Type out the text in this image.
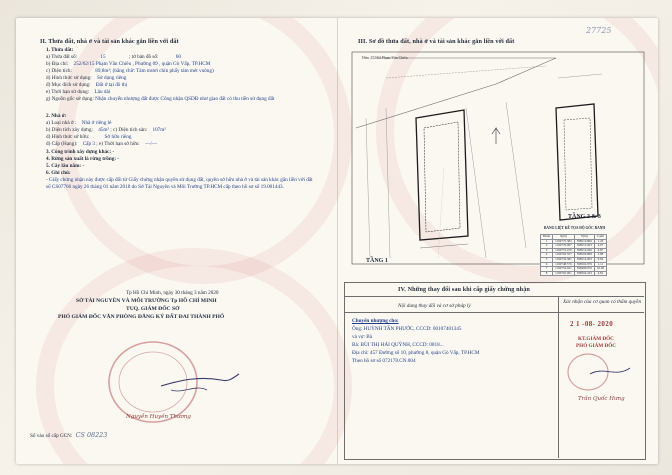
II. Thửa đất, nhà ở và tài sản khác gắn liền với đất
1. Thửa đất:
a) Thửa đất số:	15	; tờ bản đồ số:	60
b) Địa chỉ: 252/62/15 Phạm Văn Chiêu , Phường 09 , quận Gò Vấp, TP.HCM
c) Diện tích:	89,8m²; (bằng chữ: Tám mươi chín phẩy tám mét vuông)
d) Hình thức sử dụng: Sử dụng riêng
đ) Mục đích sử dụng: Đất ở tại đô thị
e) Thời hạn sử dụng: Lâu dài
g) Nguồn gốc sử dụng: Nhận chuyển nhượng đất được Công nhận QSDĐ như giao đất có thu tiền sử dụng đất
2. Nhà ở:
a) Loại nhà ở : Nhà ở riêng lẻ
b) Diện tích xây dựng: 45m² ; c) Diện tích sàn: 107m²
d) Hình thức sở hữu:	Sở hữu riêng
đ) Cấp (Hạng): Cấp 3 ; e) Thời hạn sở hữu: —/—
3. Công trình xây dựng khác: -
4. Rừng sản xuất là rừng trồng: -
5. Cây lâu năm: -
6. Ghi chú:
- Giấy chứng nhận này được cấp đổi từ Giấy chứng nhận quyền sử dụng đất, quyền sở hữu nhà ở và tài sản khác gắn liền với đất số CS07766 ngày 26 tháng 01 năm 2018 do Sở Tài Nguyên và Môi Trường TP.HCM cấp theo hồ sơ số 19.001443.
Tp Hồ Chí Minh, ngày 30 tháng 3 năm 2020
SỞ TÀI NGUYÊN VÀ MÔI TRƯỜNG Tp HỒ CHÍ MINH
TUQ. GIÁM ĐỐC SỞ
PHÓ GIÁM ĐỐC VĂN PHÒNG ĐĂNG KÝ ĐẤT ĐAI THÀNH PHỐ
Nguyễn Huyền Thương
Số vào sổ cấp GCN: CS 08223
III. Sơ đồ thửa đất, nhà ở và tài sản khác gắn liền với đất
27725
Hẻm 252/62 Phạm Văn Chiêu
TẦNG 1
TẦNG 2 & 3
BẢNG LIỆT KÊ TỌA ĐỘ GÓC RANH
Điểm	X(m)	Y(m)	Cạnh
1	1190775.383	598510.866	1.26
2	1190776.007	598512.003	4.07
3	1190772.476	598514.026	4.87
4	1190763.357	598509.898	3.88
5	1190754.381	598514.003	9.94
6	1190748.576	598502.979	1.11
7	1190754.021	598499.976	10.00
8	1190765.001	598504.223	4.81
IV. Những thay đổi sau khi cấp giấy chứng nhận
Nội dung thay đổi và cơ sở pháp lý
Xác nhận của cơ quan có thẩm quyền
Chuyển nhượng cho:
Ông: HUỲNH TẤN PHƯỚC, CCCD: 00107401345
và vợ: Bà
Bà: BÙI THỊ HẢI QUỲNH, CCCD: 0818...
Địa chỉ: 457 Đường số 10, phường 8, quận Gò Vấp, TP.HCM
Theo hồ sơ số 072178.CN.004
2 1 -08- 2020
KT.GIÁM ĐỐC
PHÓ GIÁM ĐỐC
Trần Quốc Hưng
